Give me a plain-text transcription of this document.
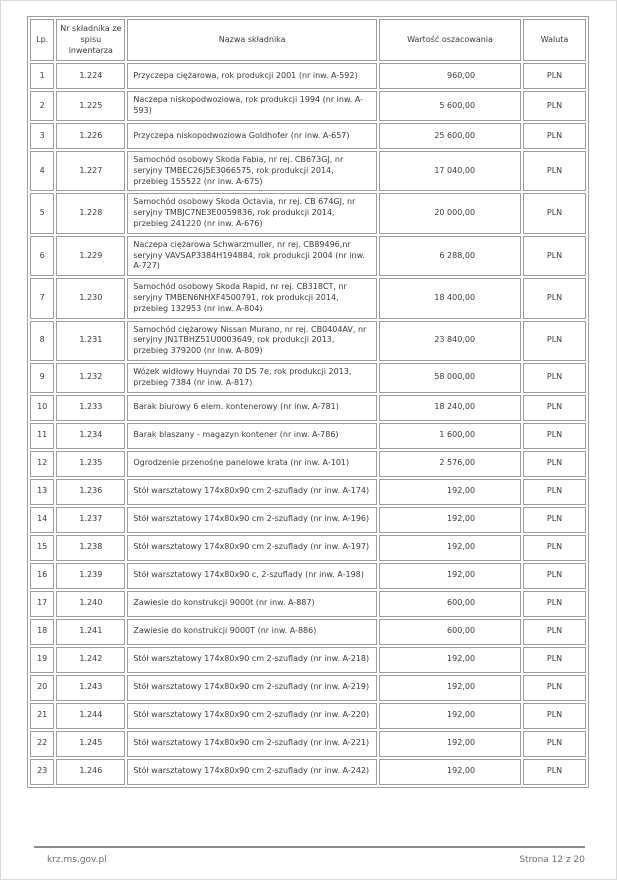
Lp.	Nr składnika ze spisu inwentarza	Nazwa składnika	Wartość oszacowania	Waluta
1	1.224	Przyczepa ciężarowa, rok produkcji 2001 (nr inw. A-592)	960,00	PLN
2	1.225	Naczepa niskopodwoziowa, rok produkcji 1994 (nr inw. A-593)	5 600,00	PLN
3	1.226	Przyczepa niskopodwoziowa Goldhofer (nr inw. A-657)	25 600,00	PLN
4	1.227	Samochód osobowy Skoda Fabia, nr rej. CB673GJ, nr seryjny TMBEC26J5E3066575, rok produkcji 2014, przebieg 155522 (nr inw. A-675)	17 040,00	PLN
5	1.228	Samochód osobowy Skoda Octavia, nr rej. CB 674GJ, nr seryjny TMBJC7NE3E0059836, rok produkcji 2014, przebieg 241220 (nr inw. A-676)	20 000,00	PLN
6	1.229	Naczepa ciężarowa Schwarzmuller, nr rej. CB89496,nr seryjny VAVSAP3384H194884, rok produkcji 2004 (nr inw. A-727)	6 288,00	PLN
7	1.230	Samochód osobowy Skoda Rapid, nr rej. CB318CT, nr seryjny TMBEN6NHXF4500791, rok produkcji 2014, przebieg 132953 (nr inw. A-804)	18 400,00	PLN
8	1.231	Samochód ciężarowy Nissan Murano, nr rej. CB0404AV, nr seryjny JN1TBHZ51U0003649, rok produkcji 2013, przebieg 379200 (nr inw. A-809)	23 840,00	PLN
9	1.232	Wózek widłowy Huyndai 70 DS 7e, rok produkcji 2013, przebieg 7384 (nr inw. A-817)	58 000,00	PLN
10	1.233	Barak biurowy 6 elem. kontenerowy (nr inw. A-781)	18 240,00	PLN
11	1.234	Barak blaszany - magazyn kontener (nr inw. A-786)	1 600,00	PLN
12	1.235	Ogrodzenie przenośne panelowe krata (nr inw. A-101)	2 576,00	PLN
13	1.236	Stół warsztatowy 174x80x90 cm 2-szuflady (nr inw. A-174)	192,00	PLN
14	1.237	Stół warsztatowy 174x80x90 cm 2-szuflady (nr inw. A-196)	192,00	PLN
15	1.238	Stół warsztatowy 174x80x90 cm 2-szuflady (nr inw. A-197)	192,00	PLN
16	1.239	Stół warsztatowy 174x80x90 c, 2-szuflady (nr inw. A-198)	192,00	PLN
17	1.240	Zawiesie do konstrukcji 9000t (nr inw. A-887)	600,00	PLN
18	1.241	Zawiesie do konstrukcji 9000T (nr inw. A-886)	600,00	PLN
19	1.242	Stół warsztatowy 174x80x90 cm 2-szuflady (nr inw. A-218)	192,00	PLN
20	1.243	Stół warsztatowy 174x80x90 cm 2-szuflady (nr inw. A-219)	192,00	PLN
21	1.244	Stół warsztatowy 174x80x90 cm 2-szuflady (nr inw. A-220)	192,00	PLN
22	1.245	Stół warsztatowy 174x80x90 cm 2-szuflady (nr inw. A-221)	192,00	PLN
23	1.246	Stół warsztatowy 174x80x90 cm 2-szuflady (nr inw. A-242)	192,00	PLN
krz.ms.gov.pl	Strona 12 z 20
